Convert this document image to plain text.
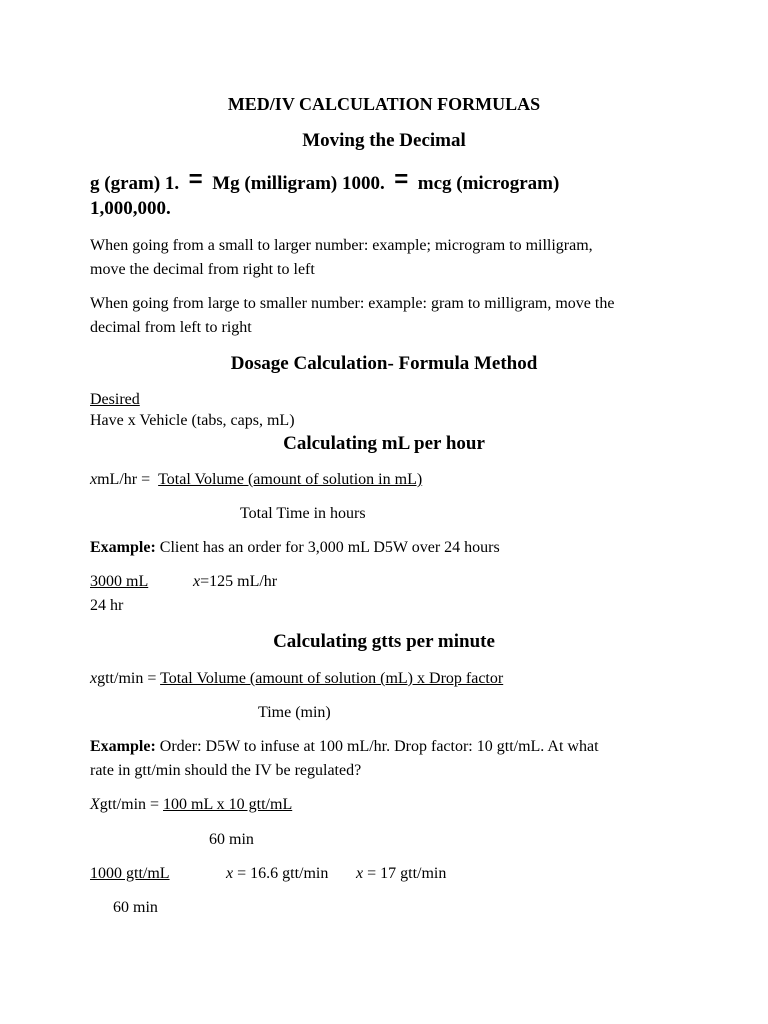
MED/IV CALCULATION FORMULAS
Moving the Decimal
g (gram) 1. = Mg (milligram) 1000. = mcg (microgram)
1,000,000.
When going from a small to larger number: example; microgram to milligram,
move the decimal from right to left
When going from large to smaller number: example: gram to milligram, move the
decimal from left to right
Dosage Calculation- Formula Method
Desired
Have x Vehicle (tabs, caps, mL)
Calculating mL per hour
xmL/hr =  Total Volume (amount of solution in mL)
Total Time in hours
Example: Client has an order for 3,000 mL D5W over 24 hours
3000 mL	x=125 mL/hr
24 hr
Calculating gtts per minute
xgtt/min = Total Volume (amount of solution (mL) x Drop factor
Time (min)
Example: Order: D5W to infuse at 100 mL/hr. Drop factor: 10 gtt/mL. At what
rate in gtt/min should the IV be regulated?
Xgtt/min = 100 mL x 10 gtt/mL
60 min
1000 gtt/mL	x = 16.6 gtt/min x = 17 gtt/min
60 min
